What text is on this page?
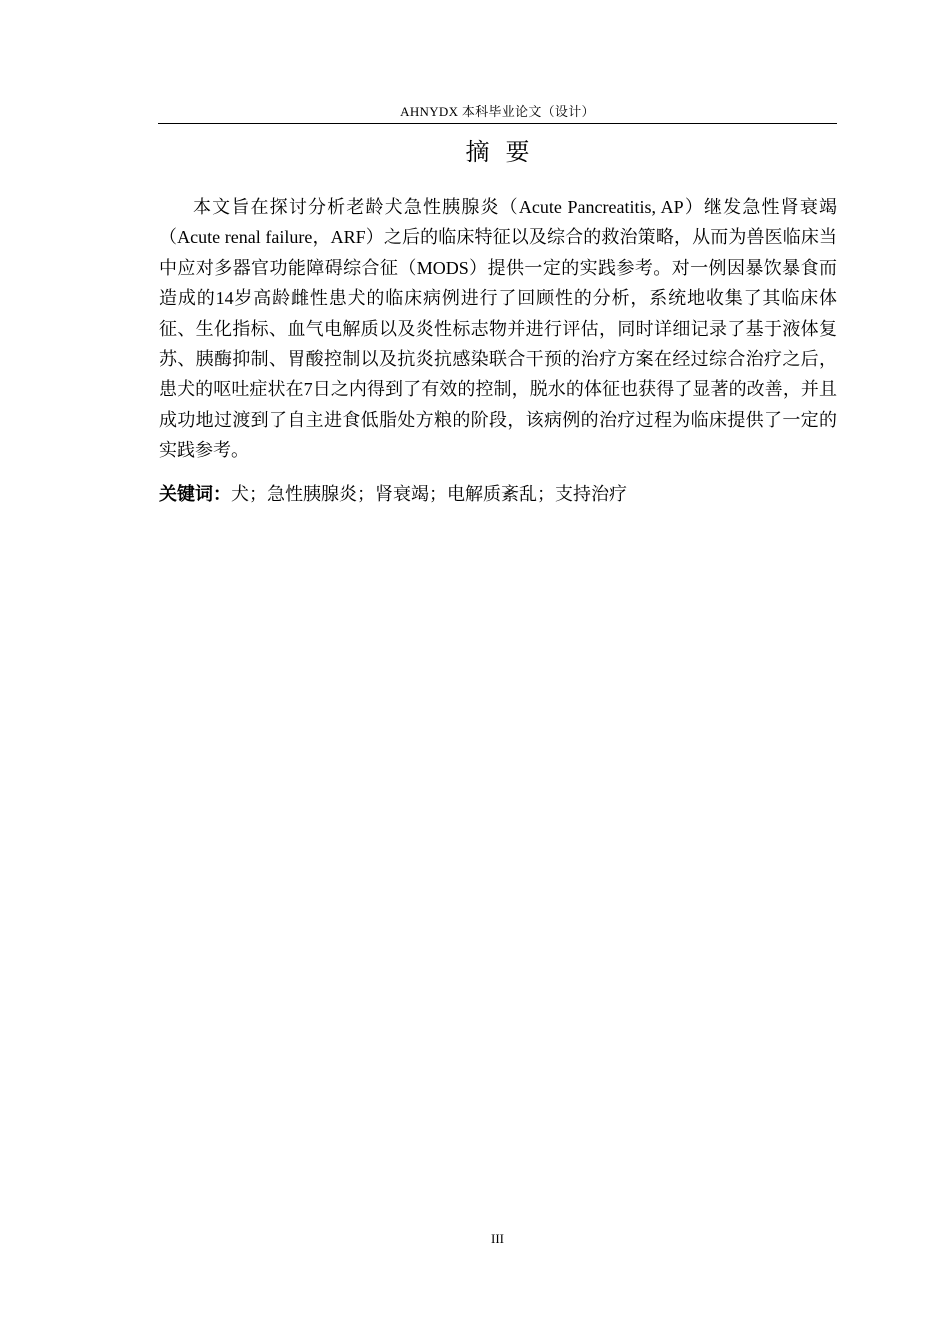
AHNYDX 本科毕业论文（设计）
摘要

本文旨在探讨分析老龄犬急性胰腺炎（Acute Pancreatitis, AP）继发急性肾衰竭（Acute renal failure，ARF）之后的临床特征以及综合的救治策略，从而为兽医临床当中应对多器官功能障碍综合征（MODS）提供一定的实践参考。对一例因暴饮暴食而造成的14岁高龄雌性患犬的临床病例进行了回顾性的分析，系统地收集了其临床体征、生化指标、血气电解质以及炎性标志物并进行评估，同时详细记录了基于液体复苏、胰酶抑制、胃酸控制以及抗炎抗感染联合干预的治疗方案在经过综合治疗之后，患犬的呕吐症状在7日之内得到了有效的控制，脱水的体征也获得了显著的改善，并且成功地过渡到了自主进食低脂处方粮的阶段，该病例的治疗过程为临床提供了一定的实践参考。

关键词：犬；急性胰腺炎；肾衰竭；电解质紊乱；支持治疗
III
